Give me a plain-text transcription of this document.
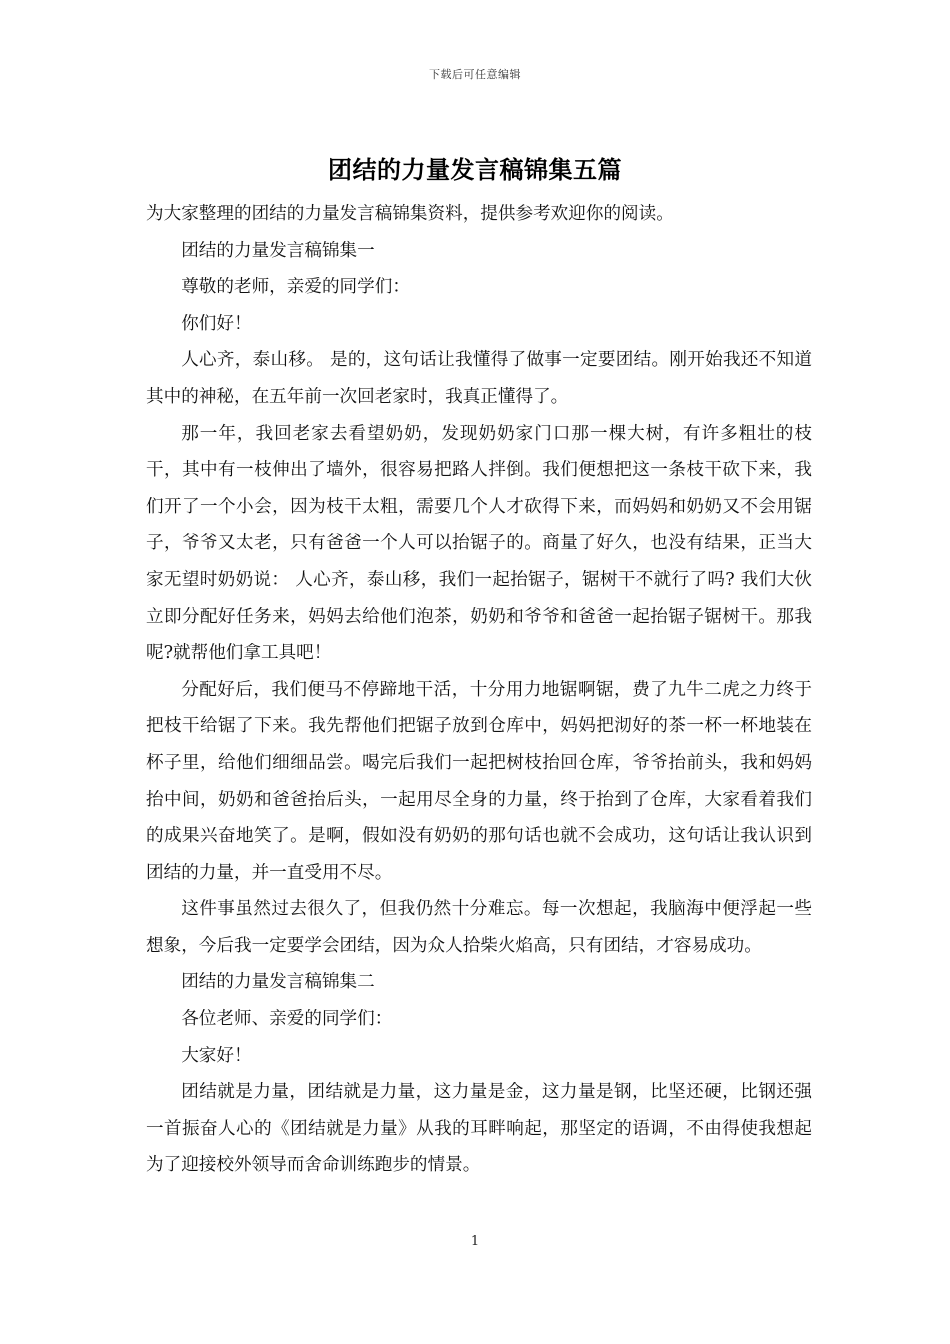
下载后可任意编辑
团结的力量发言稿锦集五篇

为大家整理的团结的力量发言稿锦集资料，提供参考欢迎你的阅读。

团结的力量发言稿锦集一

尊敬的老师，亲爱的同学们：

你们好！

人心齐，泰山移。 是的，这句话让我懂得了做事一定要团结。刚开始我还不知道其中的神秘，在五年前一次回老家时，我真正懂得了。

那一年，我回老家去看望奶奶，发现奶奶家门口那一棵大树，有许多粗壮的枝干，其中有一枝伸出了墙外，很容易把路人拌倒。我们便想把这一条枝干砍下来，我们开了一个小会，因为枝干太粗，需要几个人才砍得下来，而妈妈和奶奶又不会用锯子，爷爷又太老，只有爸爸一个人可以抬锯子的。商量了好久，也没有结果，正当大家无望时奶奶说： 人心齐，泰山移，我们一起抬锯子，锯树干不就行了吗? 我们大伙立即分配好任务来，妈妈去给他们泡茶，奶奶和爷爷和爸爸一起抬锯子锯树干。那我呢?就帮他们拿工具吧！

分配好后，我们便马不停蹄地干活，十分用力地锯啊锯，费了九牛二虎之力终于把枝干给锯了下来。我先帮他们把锯子放到仓库中，妈妈把沏好的茶一杯一杯地装在杯子里，给他们细细品尝。喝完后我们一起把树枝抬回仓库，爷爷抬前头，我和妈妈抬中间，奶奶和爸爸抬后头，一起用尽全身的力量，终于抬到了仓库，大家看着我们的成果兴奋地笑了。是啊，假如没有奶奶的那句话也就不会成功，这句话让我认识到团结的力量，并一直受用不尽。

这件事虽然过去很久了，但我仍然十分难忘。每一次想起，我脑海中便浮起一些想象，今后我一定要学会团结，因为众人拾柴火焰高，只有团结，才容易成功。

团结的力量发言稿锦集二

各位老师、亲爱的同学们：

大家好！

团结就是力量，团结就是力量，这力量是金，这力量是钢，比坚还硬，比钢还强 一首振奋人心的《团结就是力量》从我的耳畔响起，那坚定的语调，不由得使我想起为了迎接校外领导而舍命训练跑步的情景。

1
